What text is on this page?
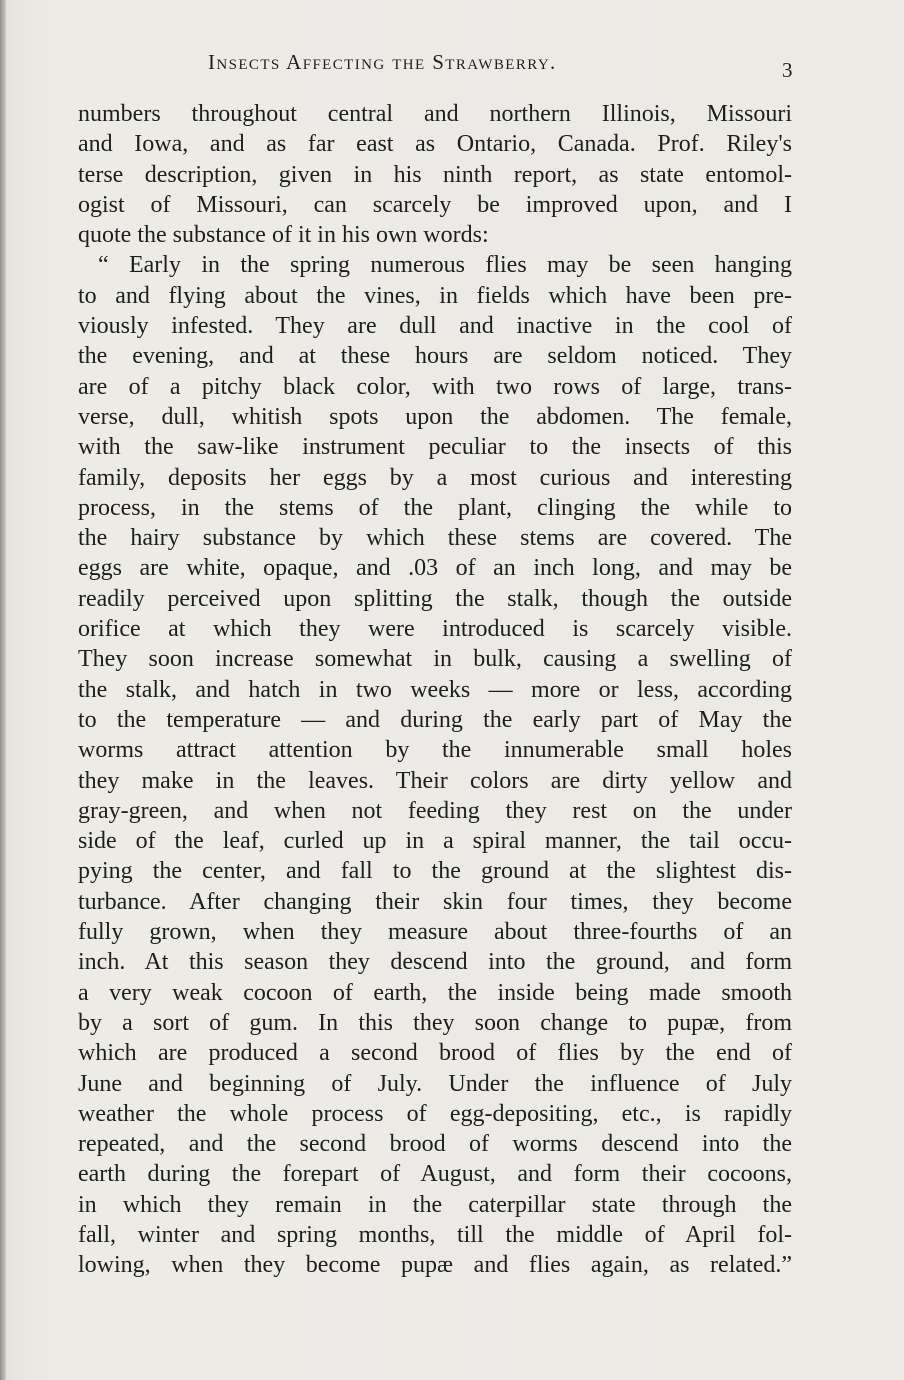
Insects Affecting the Strawberry.	3
numbers throughout central and northern Illinois, Missouri
and Iowa, and as far east as Ontario, Canada. Prof. Riley's
terse description, given in his ninth report, as state entomol-
ogist of Missouri, can scarcely be improved upon, and I
quote the substance of it in his own words:
“ Early in the spring numerous flies may be seen hanging
to and flying about the vines, in fields which have been pre-
viously infested. They are dull and inactive in the cool of
the evening, and at these hours are seldom noticed. They
are of a pitchy black color, with two rows of large, trans-
verse, dull, whitish spots upon the abdomen. The female,
with the saw-like instrument peculiar to the insects of this
family, deposits her eggs by a most curious and interesting
process, in the stems of the plant, clinging the while to
the hairy substance by which these stems are covered. The
eggs are white, opaque, and .03 of an inch long, and may be
readily perceived upon splitting the stalk, though the outside
orifice at which they were introduced is scarcely visible.
They soon increase somewhat in bulk, causing a swelling of
the stalk, and hatch in two weeks — more or less, according
to the temperature — and during the early part of May the
worms attract attention by the innumerable small holes
they make in the leaves. Their colors are dirty yellow and
gray-green, and when not feeding they rest on the under
side of the leaf, curled up in a spiral manner, the tail occu-
pying the center, and fall to the ground at the slightest dis-
turbance. After changing their skin four times, they become
fully grown, when they measure about three-fourths of an
inch. At this season they descend into the ground, and form
a very weak cocoon of earth, the inside being made smooth
by a sort of gum. In this they soon change to pupæ, from
which are produced a second brood of flies by the end of
June and beginning of July. Under the influence of July
weather the whole process of egg-depositing, etc., is rapidly
repeated, and the second brood of worms descend into the
earth during the forepart of August, and form their cocoons,
in which they remain in the caterpillar state through the
fall, winter and spring months, till the middle of April fol-
lowing, when they become pupæ and flies again, as related.”
